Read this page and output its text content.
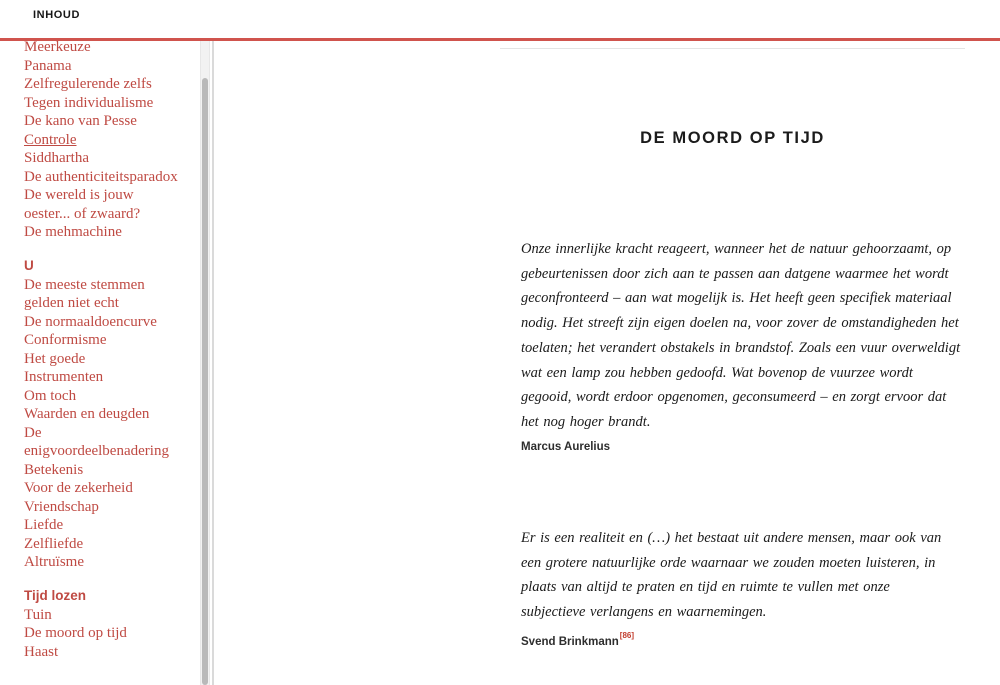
INHOUD
Meerkeuze
Panama
Zelfregulerende zelfs
Tegen individualisme
De kano van Pesse
Controle
Siddhartha
De authenticiteitsparadox
De wereld is jouw
oester... of zwaard?
De mehmachine
U
De meeste stemmen
gelden niet echt
De normaaldoencurve
Conformisme
Het goede
Instrumenten
Om toch
Waarden en deugden
De
enigvoordeelbenadering
Betekenis
Voor de zekerheid
Vriendschap
Liefde
Zelfliefde
Altruïsme
Tijd lozen
Tuin
De moord op tijd
Haast
DE MOORD OP TIJD

Onze innerlijke kracht reageert, wanneer het de natuur gehoorzaamt, op
gebeurtenissen door zich aan te passen aan datgene waarmee het wordt
geconfronteerd – aan wat mogelijk is. Het heeft geen specifiek materiaal
nodig. Het streeft zijn eigen doelen na, voor zover de omstandigheden het
toelaten; het verandert obstakels in brandstof. Zoals een vuur overweldigt
wat een lamp zou hebben gedoofd. Wat bovenop de vuurzee wordt
gegooid, wordt erdoor opgenomen, geconsumeerd – en zorgt ervoor dat
het nog hoger brandt.

Marcus Aurelius

Er is een realiteit en (…) het bestaat uit andere mensen, maar ook van
een grotere natuurlijke orde waarnaar we zouden moeten luisteren, in
plaats van altijd te praten en tijd en ruimte te vullen met onze
subjectieve verlangens en waarnemingen.

Svend Brinkmann[86]
